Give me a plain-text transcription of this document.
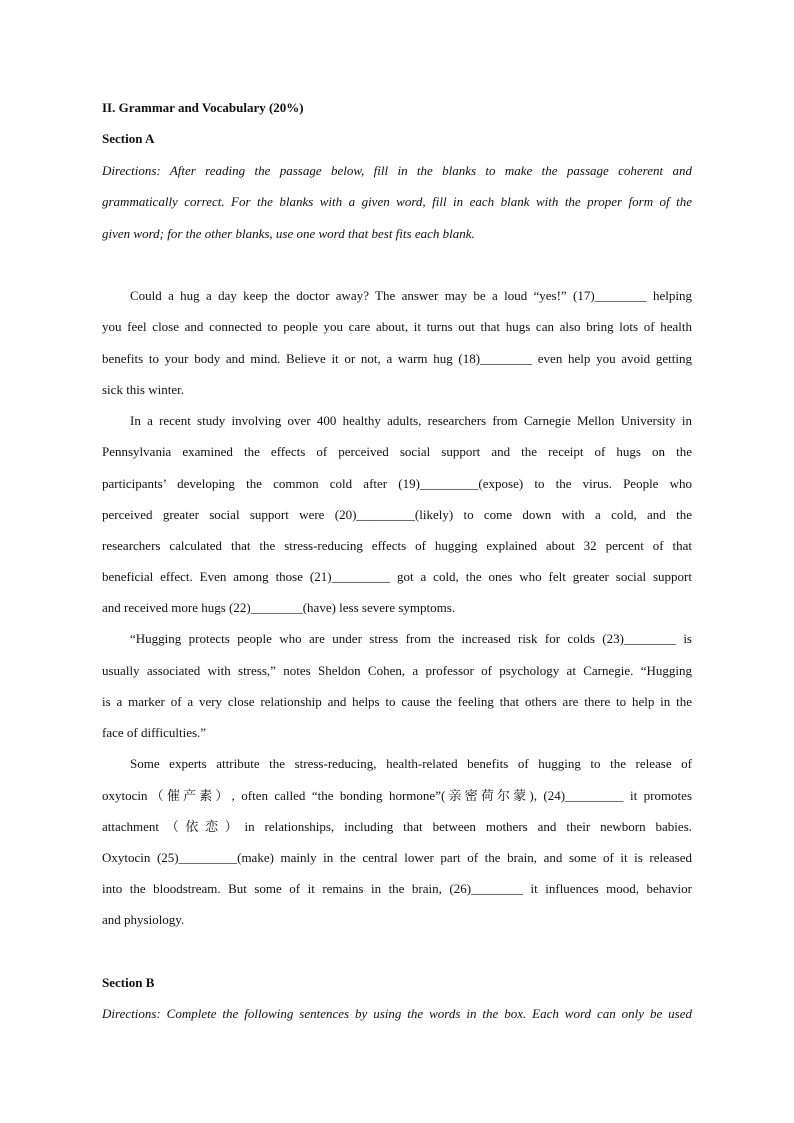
II. Grammar and Vocabulary (20%)
Section A
Directions: After reading the passage below, fill in the blanks to make the passage coherent and
grammatically correct. For the blanks with a given word, fill in each blank with the proper form of the
given word; for the other blanks, use one word that best fits each blank.
Could a hug a day keep the doctor away? The answer may be a loud “yes!” (17)________ helping
you feel close and connected to people you care about, it turns out that hugs can also bring lots of health
benefits to your body and mind. Believe it or not, a warm hug (18)________ even help you avoid getting
sick this winter.
In a recent study involving over 400 healthy adults, researchers from Carnegie Mellon University in
Pennsylvania examined the effects of perceived social support and the receipt of hugs on the
participants’ developing the common cold after (19)_________(expose) to the virus. People who
perceived greater social support were (20)_________(likely) to come down with a cold, and the
researchers calculated that the stress-reducing effects of hugging explained about 32 percent of that
beneficial effect. Even among those (21)_________ got a cold, the ones who felt greater social support
and received more hugs (22)________(have) less severe symptoms.
“Hugging protects people who are under stress from the increased risk for colds (23)________ is
usually associated with stress,” notes Sheldon Cohen, a professor of psychology at Carnegie. “Hugging
is a marker of a very close relationship and helps to cause the feeling that others are there to help in the
face of difficulties.”
Some experts attribute the stress-reducing, health-related benefits of hugging to the release of
oxytocin（催产素）, often called “the bonding hormone”(亲密荷尔蒙), (24)_________ it promotes
attachment（依恋）in relationships, including that between mothers and their newborn babies.
Oxytocin (25)_________(make) mainly in the central lower part of the brain, and some of it is released
into the bloodstream. But some of it remains in the brain, (26)________ it influences mood, behavior
and physiology.
Section B
Directions: Complete the following sentences by using the words in the box. Each word can only be used
